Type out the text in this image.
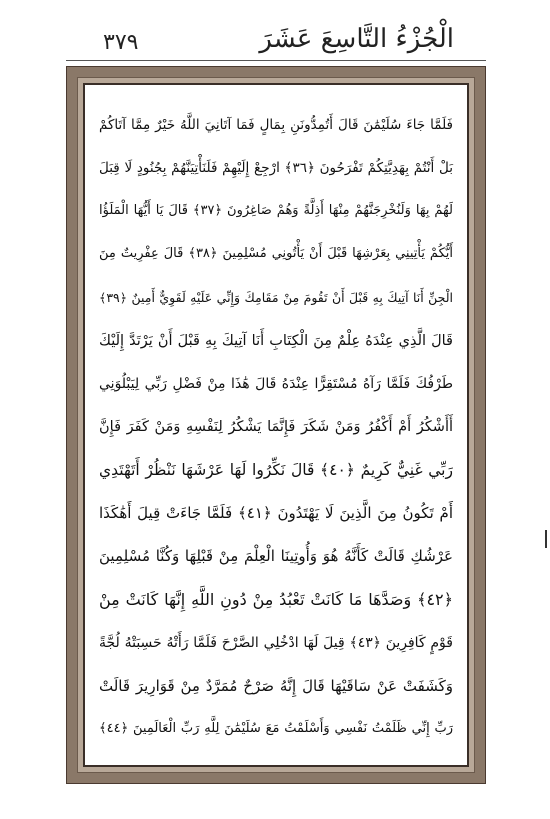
٣٧٩	الْجُزْءُ التَّاسِعَ عَشَرَ
فَلَمَّا جَاءَ سُلَيْمَٰنَ قَالَ أَتُمِدُّونَنِ بِمَالٍ فَمَا آتَانِيَ اللَّهُ خَيْرٌ مِمَّا آتَاكُمْ
بَلْ أَنْتُمْ بِهَدِيَّتِكُمْ تَفْرَحُونَ ﴿٣٦﴾ ارْجِعْ إِلَيْهِمْ فَلَنَأْتِيَنَّهُمْ بِجُنُودٍ لَا قِبَلَ
لَهُمْ بِهَا وَلَنُخْرِجَنَّهُمْ مِنْهَا أَذِلَّةً وَهُمْ صَاغِرُونَ ﴿٣٧﴾ قَالَ يَا أَيُّهَا الْمَلَؤُا
أَيُّكُمْ يَأْتِينِي بِعَرْشِهَا قَبْلَ أَنْ يَأْتُونِي مُسْلِمِينَ ﴿٣٨﴾ قَالَ عِفْرِيتٌ مِنَ
الْجِنِّ أَنَا آتِيكَ بِهِ قَبْلَ أَنْ تَقُومَ مِنْ مَقَامِكَ وَإِنِّي عَلَيْهِ لَقَوِيٌّ أَمِينٌ ﴿٣٩﴾
قَالَ الَّذِي عِنْدَهُ عِلْمٌ مِنَ الْكِتَابِ أَنَا آتِيكَ بِهِ قَبْلَ أَنْ يَرْتَدَّ إِلَيْكَ
طَرْفُكَ فَلَمَّا رَآهُ مُسْتَقِرًّا عِنْدَهُ قَالَ هَٰذَا مِنْ فَضْلِ رَبِّي لِيَبْلُوَنِي
أَأَشْكُرُ أَمْ أَكْفُرُ وَمَنْ شَكَرَ فَإِنَّمَا يَشْكُرُ لِنَفْسِهِ وَمَنْ كَفَرَ فَإِنَّ
رَبِّي غَنِيٌّ كَرِيمٌ ﴿٤٠﴾ قَالَ نَكِّرُوا لَهَا عَرْشَهَا نَنْظُرْ أَتَهْتَدِي
أَمْ تَكُونُ مِنَ الَّذِينَ لَا يَهْتَدُونَ ﴿٤١﴾ فَلَمَّا جَاءَتْ قِيلَ أَهَٰكَذَا
عَرْشُكِ قَالَتْ كَأَنَّهُ هُوَ وَأُوتِينَا الْعِلْمَ مِنْ قَبْلِهَا وَكُنَّا مُسْلِمِينَ
﴿٤٢﴾ وَصَدَّهَا مَا كَانَتْ تَعْبُدُ مِنْ دُونِ اللَّهِ إِنَّهَا كَانَتْ مِنْ
قَوْمٍ كَافِرِينَ ﴿٤٣﴾ قِيلَ لَهَا ادْخُلِي الصَّرْحَ فَلَمَّا رَأَتْهُ حَسِبَتْهُ لُجَّةً
وَكَشَفَتْ عَنْ سَاقَيْهَا قَالَ إِنَّهُ صَرْحٌ مُمَرَّدٌ مِنْ قَوَارِيرَ قَالَتْ
رَبِّ إِنِّي ظَلَمْتُ نَفْسِي وَأَسْلَمْتُ مَعَ سُلَيْمَٰنَ لِلَّهِ رَبِّ الْعَالَمِينَ ﴿٤٤﴾
